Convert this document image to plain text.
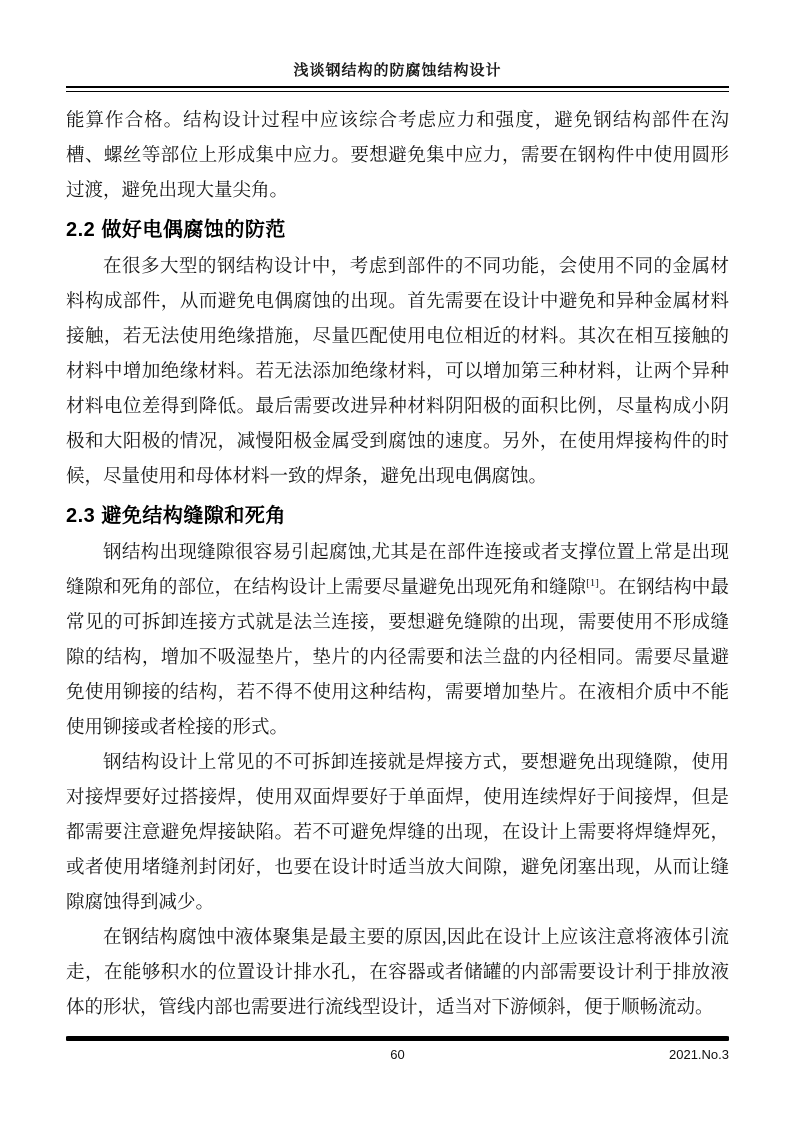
浅谈钢结构的防腐蚀结构设计

能算作合格。结构设计过程中应该综合考虑应力和强度，避免钢结构部件在沟槽、螺丝等部位上形成集中应力。要想避免集中应力，需要在钢构件中使用圆形过渡，避免出现大量尖角。

2.2 做好电偶腐蚀的防范

在很多大型的钢结构设计中，考虑到部件的不同功能，会使用不同的金属材料构成部件，从而避免电偶腐蚀的出现。首先需要在设计中避免和异种金属材料接触，若无法使用绝缘措施，尽量匹配使用电位相近的材料。其次在相互接触的材料中增加绝缘材料。若无法添加绝缘材料，可以增加第三种材料，让两个异种材料电位差得到降低。最后需要改进异种材料阴阳极的面积比例，尽量构成小阴极和大阳极的情况，减慢阳极金属受到腐蚀的速度。另外，在使用焊接构件的时候，尽量使用和母体材料一致的焊条，避免出现电偶腐蚀。

2.3 避免结构缝隙和死角

钢结构出现缝隙很容易引起腐蚀,尤其是在部件连接或者支撑位置上常是出现缝隙和死角的部位，在结构设计上需要尽量避免出现死角和缝隙[1]。在钢结构中最常见的可拆卸连接方式就是法兰连接，要想避免缝隙的出现，需要使用不形成缝隙的结构，增加不吸湿垫片，垫片的内径需要和法兰盘的内径相同。需要尽量避免使用铆接的结构，若不得不使用这种结构，需要增加垫片。在液相介质中不能使用铆接或者栓接的形式。

钢结构设计上常见的不可拆卸连接就是焊接方式，要想避免出现缝隙，使用对接焊要好过搭接焊，使用双面焊要好于单面焊，使用连续焊好于间接焊，但是都需要注意避免焊接缺陷。若不可避免焊缝的出现，在设计上需要将焊缝焊死，或者使用堵缝剂封闭好，也要在设计时适当放大间隙，避免闭塞出现，从而让缝隙腐蚀得到减少。

在钢结构腐蚀中液体聚集是最主要的原因,因此在设计上应该注意将液体引流走，在能够积水的位置设计排水孔，在容器或者储罐的内部需要设计利于排放液体的形状，管线内部也需要进行流线型设计，适当对下游倾斜，便于顺畅流动。

60	2021.No.3
